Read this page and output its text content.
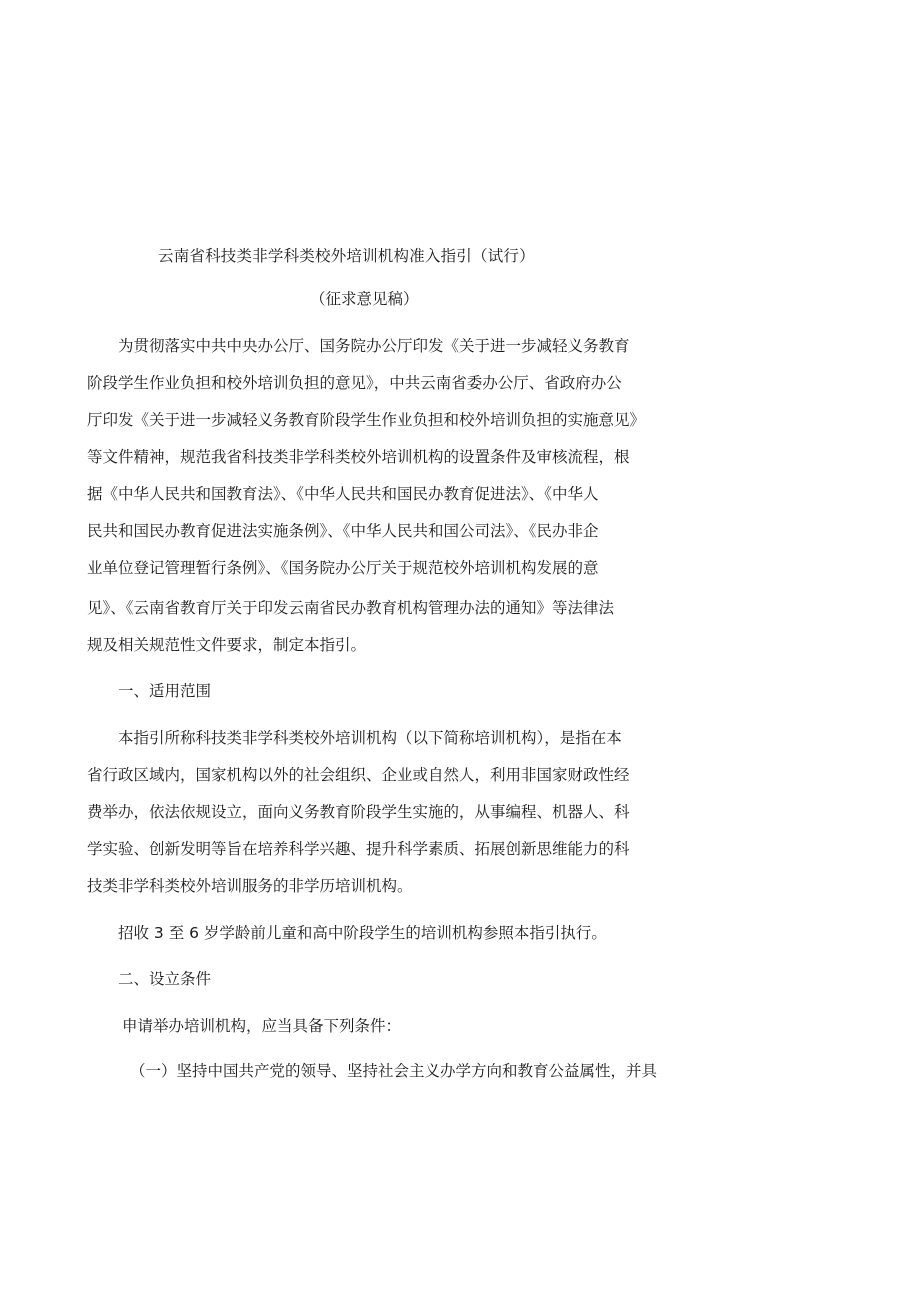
云南省科技类非学科类校外培训机构准入指引（试行）
（征求意见稿）
为贯彻落实中共中央办公厅、国务院办公厅印发《关于进一步减轻义务教育
阶段学生作业负担和校外培训负担的意见》，中共云南省委办公厅、省政府办公
厅印发《关于进一步减轻义务教育阶段学生作业负担和校外培训负担的实施意见》
等文件精神，规范我省科技类非学科类校外培训机构的设置条件及审核流程，根
据《中华人民共和国教育法》、《中华人民共和国民办教育促进法》、《中华人
民共和国民办教育促进法实施条例》、《中华人民共和国公司法》、《民办非企
业单位登记管理暂行条例》、《国务院办公厅关于规范校外培训机构发展的意
见》、《云南省教育厅关于印发云南省民办教育机构管理办法的通知》等法律法
规及相关规范性文件要求，制定本指引。
一、适用范围
本指引所称科技类非学科类校外培训机构（以下简称培训机构），是指在本
省行政区域内，国家机构以外的社会组织、企业或自然人，利用非国家财政性经
费举办，依法依规设立，面向义务教育阶段学生实施的，从事编程、机器人、科
学实验、创新发明等旨在培养科学兴趣、提升科学素质、拓展创新思维能力的科
技类非学科类校外培训服务的非学历培训机构。
招收 3 至 6 岁学龄前儿童和高中阶段学生的培训机构参照本指引执行。
二、设立条件
申请举办培训机构，应当具备下列条件：
（一）坚持中国共产党的领导、坚持社会主义办学方向和教育公益属性，并具
